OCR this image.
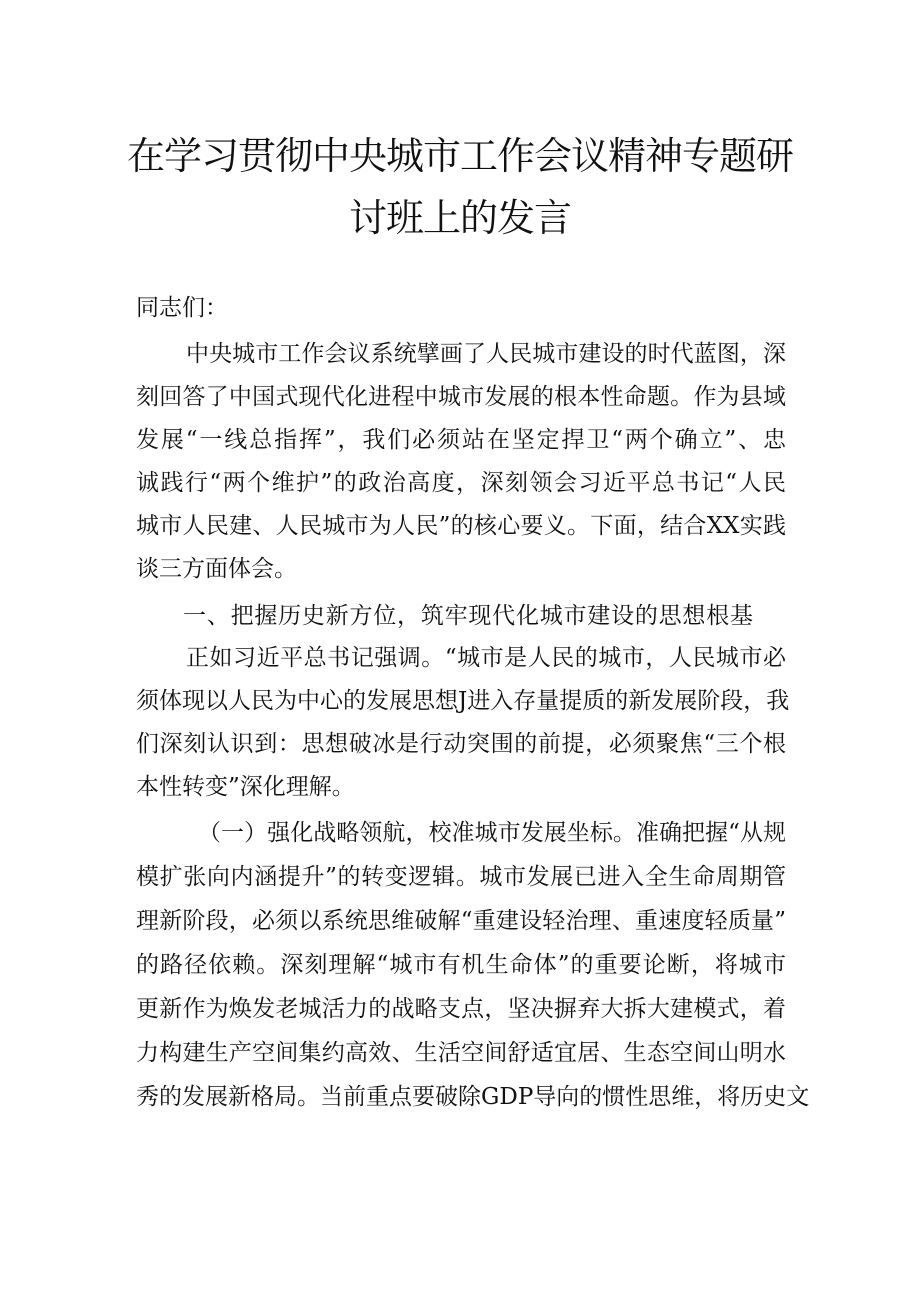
在学习贯彻中央城市工作会议精神专题研
讨班上的发言
同志们：
中央城市工作会议系统擘画了人民城市建设的时代蓝图，深
刻回答了中国式现代化进程中城市发展的根本性命题。作为县域
发展“一线总指挥”，我们必须站在坚定捍卫“两个确立”、忠
诚践行“两个维护”的政治高度，深刻领会习近平总书记“人民
城市人民建、人民城市为人民”的核心要义。下面，结合XX实践
谈三方面体会。
一、把握历史新方位，筑牢现代化城市建设的思想根基
正如习近平总书记强调。“城市是人民的城市，人民城市必
须体现以人民为中心的发展思想J进入存量提质的新发展阶段，我
们深刻认识到：思想破冰是行动突围的前提，必须聚焦“三个根
本性转变”深化理解。
（一）强化战略领航，校准城市发展坐标。准确把握“从规
模扩张向内涵提升”的转变逻辑。城市发展已进入全生命周期管
理新阶段，必须以系统思维破解“重建设轻治理、重速度轻质量”
的路径依赖。深刻理解“城市有机生命体”的重要论断，将城市
更新作为焕发老城活力的战略支点，坚决摒弃大拆大建模式，着
力构建生产空间集约高效、生活空间舒适宜居、生态空间山明水
秀的发展新格局。当前重点要破除GDP导向的惯性思维，将历史文
